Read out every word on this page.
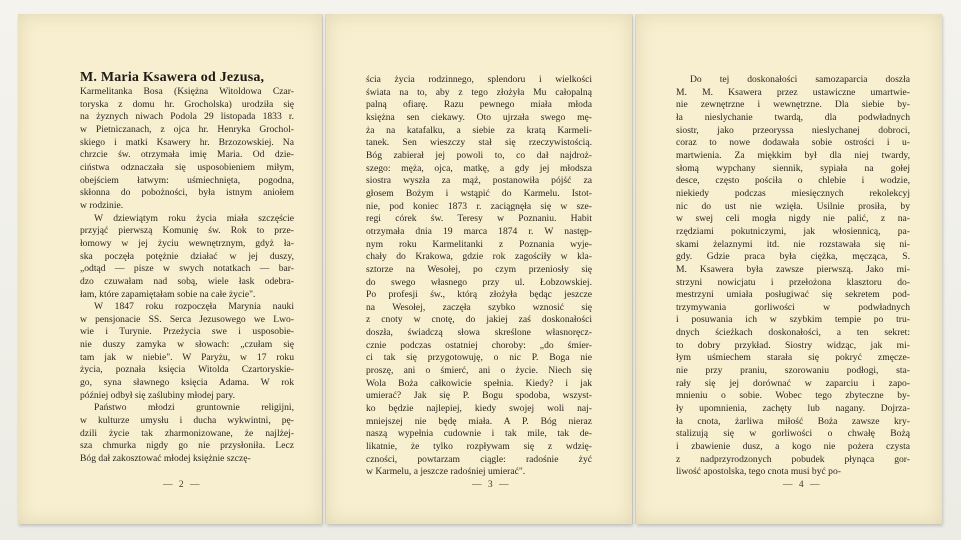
M. Maria Ksawera od Jezusa,
Karmelitanka Bosa (Księżna Witoldowa Czar-
toryska z domu hr. Grocholska) urodziła się
na żyznych niwach Podola 29 listopada 1833 r.
w Pietniczanach, z ojca hr. Henryka Grochol-
skiego i matki Ksawery hr. Brzozowskiej. Na
chrzcie św. otrzymała imię Maria. Od dzie-
ciństwa odznaczała się usposobieniem miłym,
obejściem łatwym: uśmiechnięta, pogodna,
skłonna do pobożności, była istnym aniołem
w rodzinie.
W dziewiątym roku życia miała szczęście
przyjąć pierwszą Komunię św. Rok to prze-
łomowy w jej życiu wewnętrznym, gdyż ła-
ska poczęła potężnie działać w jej duszy,
„odtąd — pisze w swych notatkach — bar-
dzo czuwałam nad sobą, wiele łask odebra-
łam, które zapamiętałam sobie na całe życie".
W 1847 roku rozpoczęła Marynia nauki
w pensjonacie SS. Serca Jezusowego we Lwo-
wie i Turynie. Przeżycia swe i usposobie-
nie duszy zamyka w słowach: „czułam się
tam jak w niebie". W Paryżu, w 17 roku
życia, poznała księcia Witolda Czartoryskie-
go, syna sławnego księcia Adama. W rok
później odbył się zaślubiny młodej pary.
Państwo młodzi gruntownie religijni,
w kulturze umysłu i ducha wykwintni, pę-
dzili życie tak zharmonizowane, że najlżej-
sza chmurka nigdy go nie przysłoniła. Lecz
Bóg dał zakosztować młodej księżnie szczę-
— 2 —
ścia życia rodzinnego, splendoru i wielkości
świata na to, aby z tego złożyła Mu całopalną
palną ofiarę. Razu pewnego miała młoda
księżna sen ciekawy. Oto ujrzała swego mę-
ża na katafalku, a siebie za kratą Karmeli-
tanek. Sen wieszczy stał się rzeczywistością.
Bóg zabierał jej powoli to, co dał najdroż-
szego: męża, ojca, matkę, a gdy jej młodsza
siostra wyszła za mąż, postanowiła pójść za
głosem Bożym i wstąpić do Karmelu. Istot-
nie, pod koniec 1873 r. zaciągnęła się w sze-
regi córek św. Teresy w Poznaniu. Habit
otrzymała dnia 19 marca 1874 r. W następ-
nym roku Karmelitanki z Poznania wyje-
chały do Krakowa, gdzie rok zagościły w kla-
sztorze na Wesołej, po czym przeniosły się
do swego własnego przy ul. Łobzowskiej.
Po profesji św., którą złożyła będąc jeszcze
na Wesołej, zaczęła szybko wznosić się
z cnoty w cnotę, do jakiej zaś doskonałości
doszła, świadczą słowa skreślone własnoręcz-
cznie podczas ostatniej choroby: „do śmier-
ci tak się przygotowuję, o nic P. Boga nie
proszę, ani o śmierć, ani o życie. Niech się
Wola Boża całkowicie spełnia. Kiedy? i jak
umierać? Jak się P. Bogu spodoba, wszyst-
ko będzie najlepiej, kiedy swojej woli naj-
mniejszej nie będę miała. A P. Bóg nieraz
naszą wypełnia cudownie i tak mile, tak de-
likatnie, że tylko rozpływam się z wdzię-
czności, powtarzam ciągle: radośnie żyć
w Karmelu, a jeszcze radośniej umierać".
— 3 —
Do tej doskonałości samozaparcia doszła
M. M. Ksawera przez ustawiczne umartwie-
nie zewnętrzne i wewnętrzne. Dla siebie by-
ła nieslychanie twardą, dla podwładnych
siostr, jako przeoryssa nieslychanej dobroci,
coraz to nowe dodawała sobie ostrości i u-
martwienia. Za miękkim był dla niej twardy,
słomą wypchany siennik, sypiała na gołej
desce, często pościła o chlebie i wodzie,
niekiedy podczas miesięcznych rekolekcyj
nic do ust nie wzięła. Usilnie prosiła, by
w swej celi mogła nigdy nie palić, z na-
rzędziami pokutniczymi, jak włosiennicą, pa-
skami żelaznymi itd. nie rozstawała się ni-
gdy. Gdzie praca była ciężka, męcząca, S.
M. Ksawera była zawsze pierwszą. Jako mi-
strzyni nowicjatu i przełożona klasztoru do-
mestrzyni umiała posługiwać się sekretem pod-
trzymywania gorliwości w podwładnych
i posuwania ich w szybkim tempie po tru-
dnych ścieżkach doskonałości, a ten sekret:
to dobry przykład. Siostry widząc, jak mi-
łym uśmiechem starała się pokryć zmęcze-
nie przy praniu, szorowaniu podłogi, sta-
rały się jej dorównać w zaparciu i zapo-
mnieniu o sobie. Wobec tego zbyteczne by-
ły upomnienia, zachęty lub nagany. Dojrza-
ła cnota, żarliwa miłość Boża zawsze kry-
stalizują się w gorliwości o chwałę Bożą
i zbawienie dusz, a kogo nie pożera czysta
z nadprzyrodzonych pobudek płynąca gor-
liwość apostolska, tego cnota musi być po-
— 4 —
